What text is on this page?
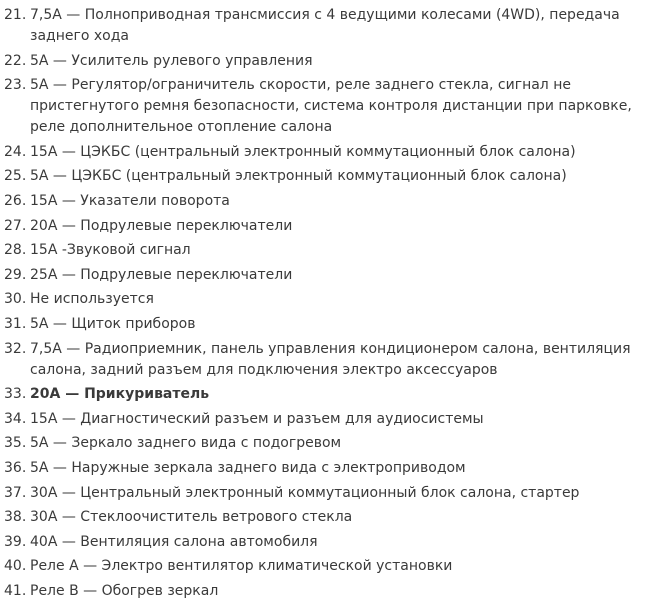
21. 7,5А — Полноприводная трансмиссия с 4 ведущими колесами (4WD), передача заднего хода
22. 5А — Усилитель рулевого управления
23. 5А — Регулятор/ограничитель скорости, реле заднего стекла, сигнал не пристегнутого ремня безопасности, система контроля дистанции при парковке, реле дополнительное отопление салона
24. 15А — ЦЭКБС (центральный электронный коммутационный блок салона)
25. 5А — ЦЭКБС (центральный электронный коммутационный блок салона)
26. 15А — Указатели поворота
27. 20А — Подрулевые переключатели
28. 15А -Звуковой сигнал
29. 25А — Подрулевые переключатели
30. Не используется
31. 5А — Щиток приборов
32. 7,5А — Радиоприемник, панель управления кондиционером салона, вентиляция салона, задний разъем для подключения электро аксессуаров
33. 20А — Прикуриватель
34. 15А — Диагностический разъем и разъем для аудиосистемы
35. 5А — Зеркало заднего вида с подогревом
36. 5А — Наружные зеркала заднего вида с электроприводом
37. 30А — Центральный электронный коммутационный блок салона, стартер
38. 30А — Стеклоочиститель ветрового стекла
39. 40А — Вентиляция салона автомобиля
40. Реле А — Электро вентилятор климатической установки
41. Реле В — Обогрев зеркал
